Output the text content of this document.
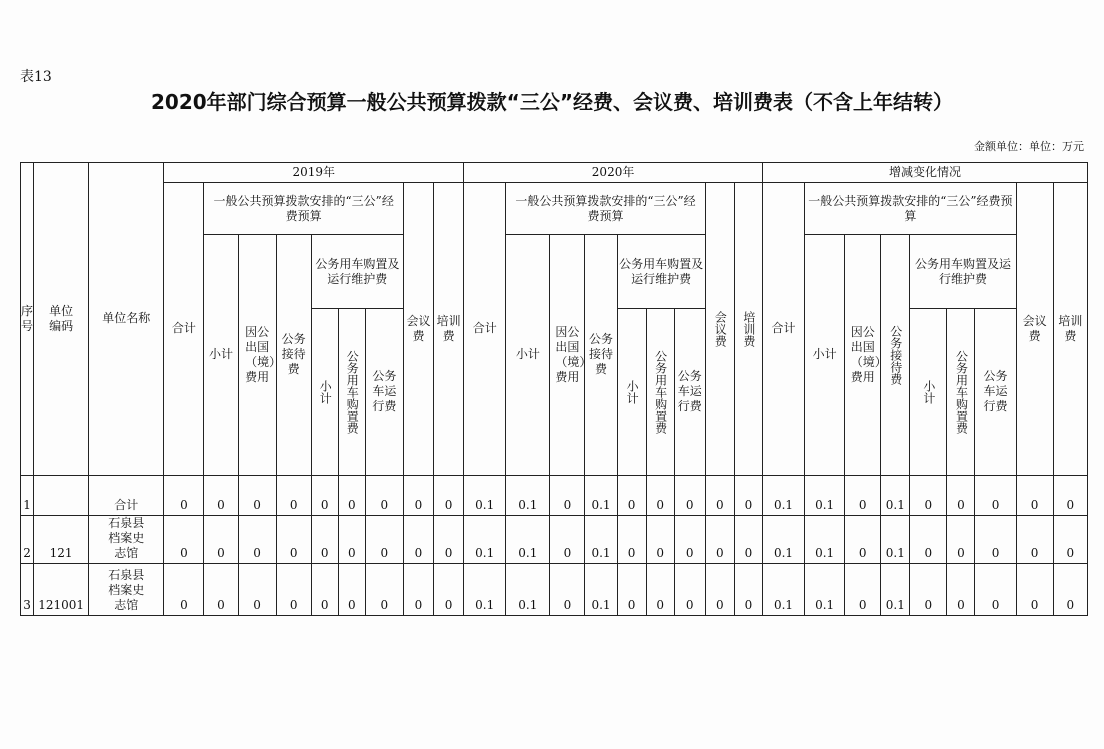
表13
2020年部门综合预算一般公共预算拨款“三公”经费、会议费、培训费表（不含上年结转）
金额单位：单位：万元
序号	单位编码	单位名称	2019年									2020年									增减变化情况								
			合计	一般公共预算拨款安排的“三公”经费预算						会议费	培训费	合计	一般公共预算拨款安排的“三公”经费预算						会议费	培训费	合计	一般公共预算拨款安排的“三公”经费预算						会议费	培训费
				小计	因公出国（境）费用	公务接待费	公务用车购置及运行维护费						小计	因公出国（境）费用	公务接待费	公务用车购置及运行维护费						小计	因公出国（境）费用	公务接待费	公务用车购置及运行维护费				
							小计	公务用车购置费	公务车运行费							小计	公务用车购置费	公务车运行费							小计	公务用车购置费	公务车运行费		
1		合计	0	0	0	0	0	0	0	0	0	0.1	0.1	0	0.1	0	0	0	0	0	0.1	0.1	0	0.1	0	0	0	0	0
2	121	石泉县档案史志馆	0	0	0	0	0	0	0	0	0	0.1	0.1	0	0.1	0	0	0	0	0	0.1	0.1	0	0.1	0	0	0	0	0
3	121001	石泉县档案史志馆	0	0	0	0	0	0	0	0	0	0.1	0.1	0	0.1	0	0	0	0	0	0.1	0.1	0	0.1	0	0	0	0	0
